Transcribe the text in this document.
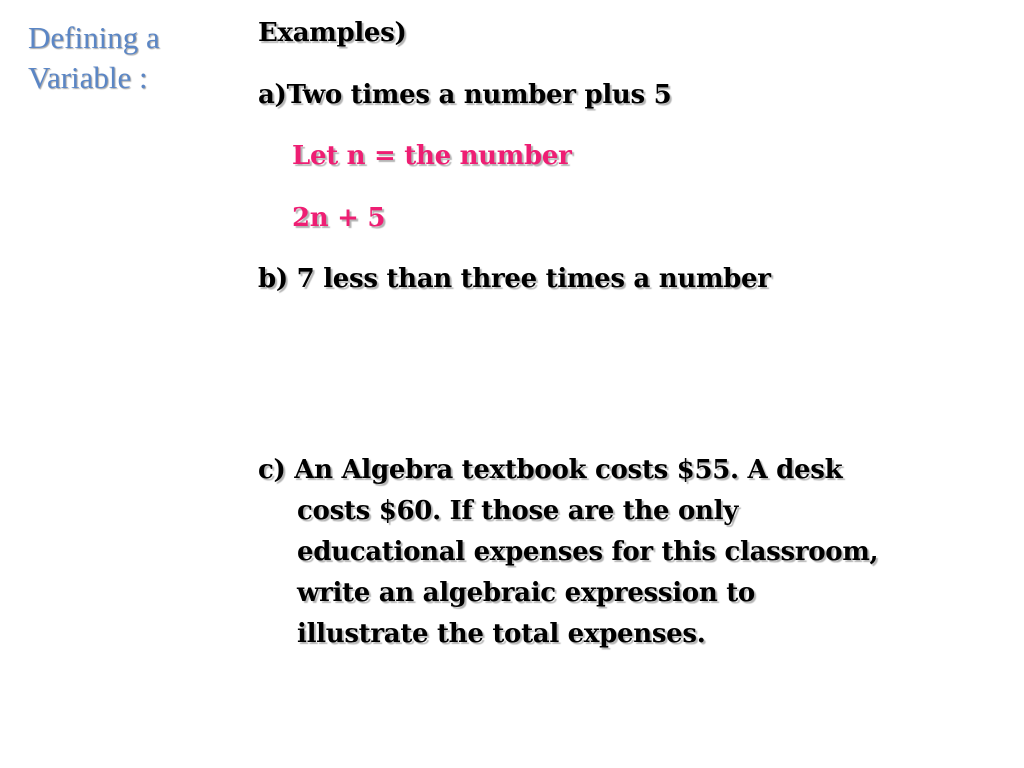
Defining a
Variable :
Examples)
a)Two times a number plus 5
Let n = the number
2n + 5
b) 7 less than three times a number
c) An Algebra textbook costs $55. A desk
costs $60. If those are the only
educational expenses for this classroom,
write an algebraic expression to
illustrate the total expenses.
